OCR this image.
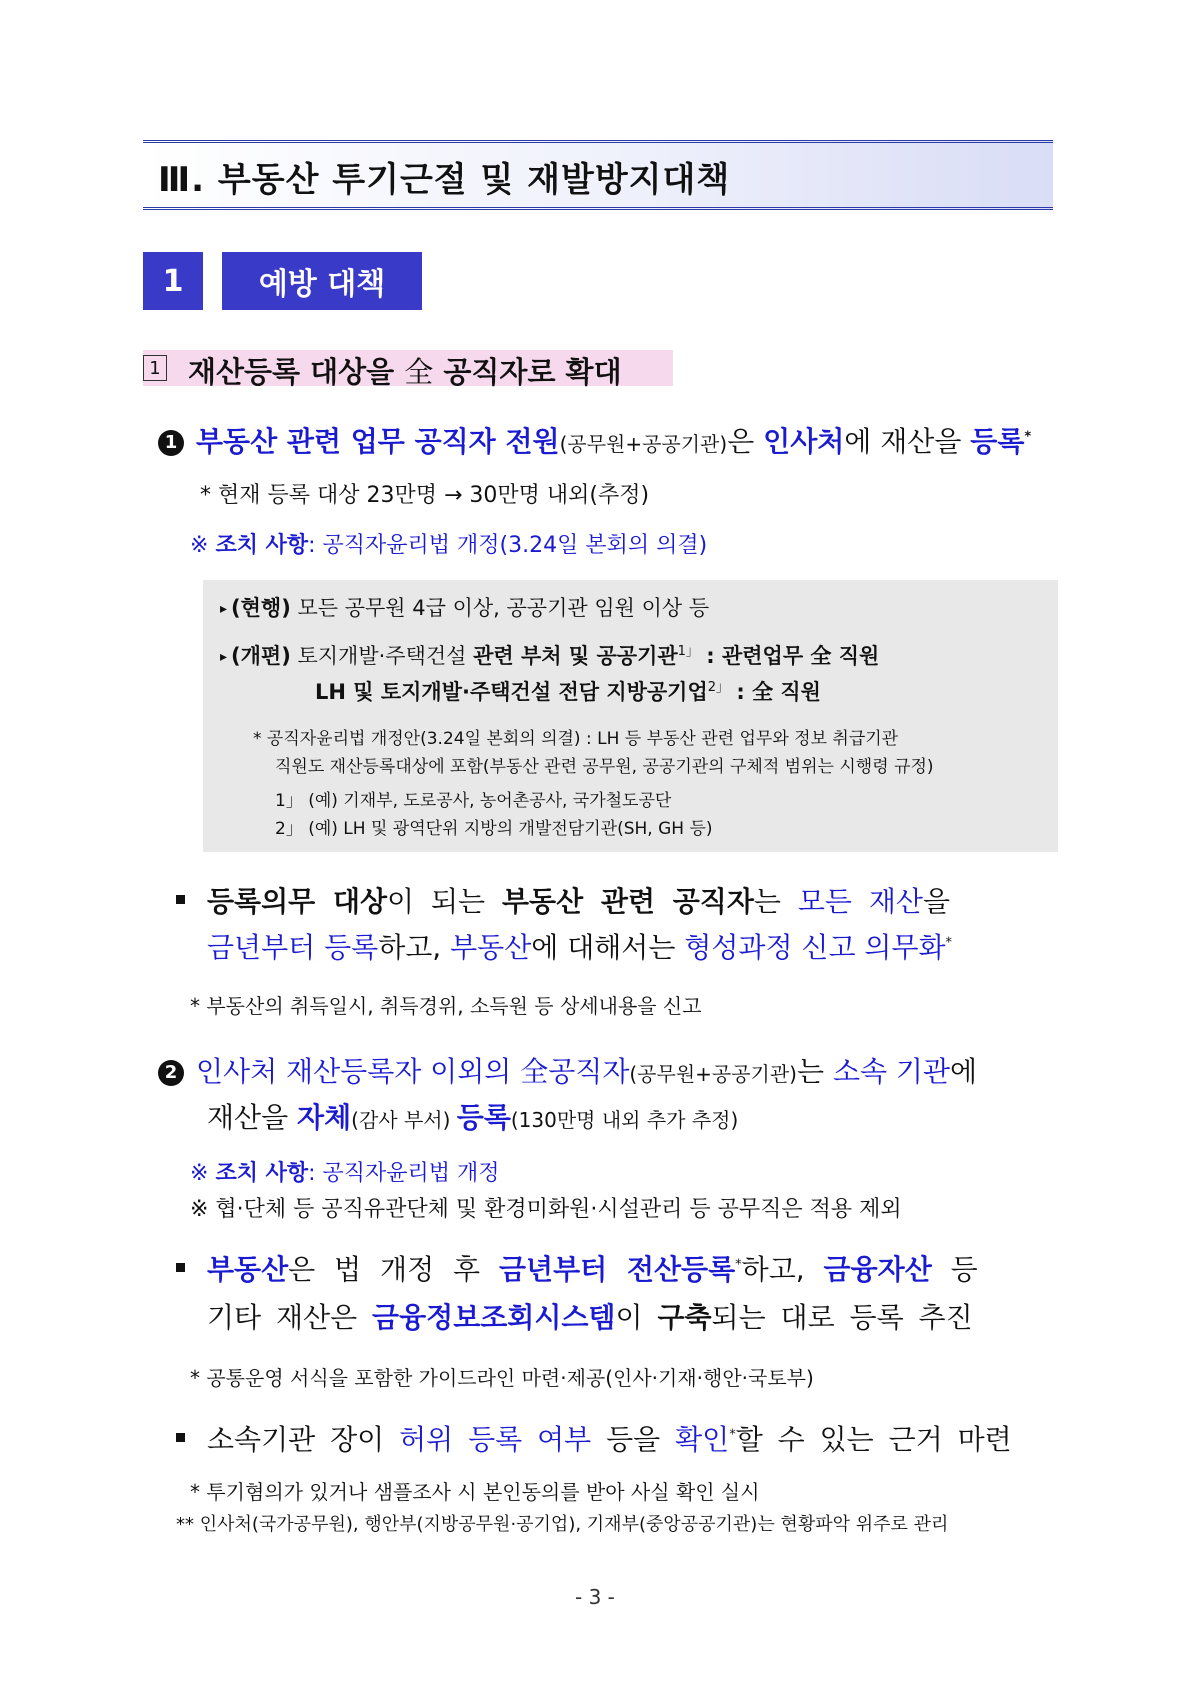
Ⅲ. 부동산 투기근절 및 재발방지대책
1	예방 대책
1 재산등록 대상을 全 공직자로 확대
1 부동산 관련 업무 공직자 전원(공무원+공공기관)은 인사처에 재산을 등록*
* 현재 등록 대상 23만명 → 30만명 내외(추정)
※ 조치 사항: 공직자윤리법 개정(3.24일 본회의 의결)
▸ (현행) 모든 공무원 4급 이상, 공공기관 임원 이상 등
▸ (개편) 토지개발·주택건설 관련 부처 및 공공기관$^{1」}$ : 관련업무 全 직원
LH 및 토지개발·주택건설 전담 지방공기업$^{2」}$ : 全 직원
* 공직자윤리법 개정안(3.24일 본회의 의결) : LH 등 부동산 관련 업무와 정보 취급기관
직원도 재산등록대상에 포함(부동산 관련 공무원, 공공기관의 구체적 범위는 시행령 규정)
1」 (예) 기재부, 도로공사, 농어촌공사, 국가철도공단
2」 (예) LH 및 광역단위 지방의 개발전담기관(SH, GH 등)
등록의무 대상이 되는 부동산 관련 공직자는 모든 재산을
금년부터 등록하고, 부동산에 대해서는 형성과정 신고 의무화*
* 부동산의 취득일시, 취득경위, 소득원 등 상세내용을 신고
2 인사처 재산등록자 이외의 全공직자(공무원+공공기관)는 소속 기관에
재산을 자체(감사 부서) 등록(130만명 내외 추가 추정)
※ 조치 사항: 공직자윤리법 개정
※ 협·단체 등 공직유관단체 및 환경미화원·시설관리 등 공무직은 적용 제외
부동산은 법 개정 후 금년부터 전산등록*하고, 금융자산 등
기타 재산은 금융정보조회시스템이 구축되는 대로 등록 추진
* 공통운영 서식을 포함한 가이드라인 마련·제공(인사·기재·행안·국토부)
소속기관 장이 허위 등록 여부 등을 확인*할 수 있는 근거 마련
* 투기혐의가 있거나 샘플조사 시 본인동의를 받아 사실 확인 실시
** 인사처(국가공무원), 행안부(지방공무원·공기업), 기재부(중앙공공기관)는 현황파악 위주로 관리
- 3 -
